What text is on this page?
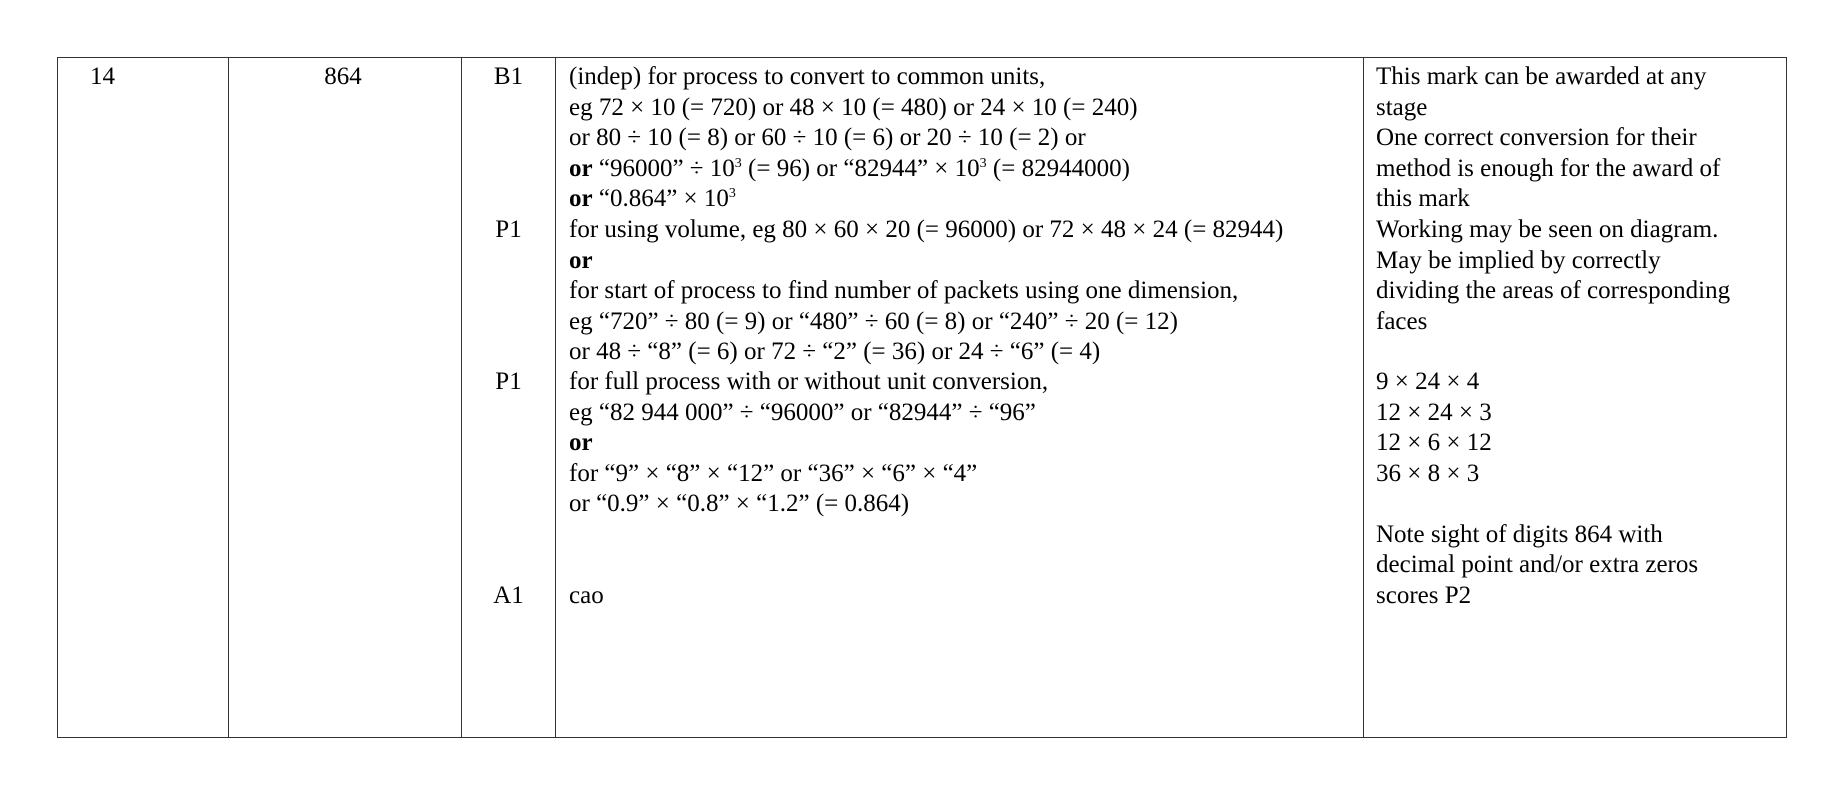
14	864	B1
P1
P1
A1
(indep) for process to convert to common units,
eg 72 × 10 (= 720) or 48 × 10 (= 480) or 24 × 10 (= 240)
or 80 ÷ 10 (= 8) or 60 ÷ 10 (= 6) or 20 ÷ 10 (= 2) or
or “96000” ÷ $10^3$ (= 96) or “82944” × $10^3$ (= 82944000)
or “0.864” × $10^3$
for using volume, eg 80 × 60 × 20 (= 96000) or 72 × 48 × 24 (= 82944)
or
for start of process to find number of packets using one dimension,
eg “720” ÷ 80 (= 9) or “480” ÷ 60 (= 8) or “240” ÷ 20 (= 12)
or 48 ÷ “8” (= 6) or 72 ÷ “2” (= 36) or 24 ÷ “6” (= 4)
for full process with or without unit conversion,
eg “82 944 000” ÷ “96000” or “82944” ÷ “96”
or
for “9” × “8” × “12” or “36” × “6” × “4”
or “0.9” × “0.8” × “1.2” (= 0.864)
cao
This mark can be awarded at any
stage
One correct conversion for their
method is enough for the award of
this mark
Working may be seen on diagram.
May be implied by correctly
dividing the areas of corresponding
faces
9 × 24 × 4
12 × 24 × 3
12 × 6 × 12
36 × 8 × 3

Note sight of digits 864 with
decimal point and/or extra zeros
scores P2
